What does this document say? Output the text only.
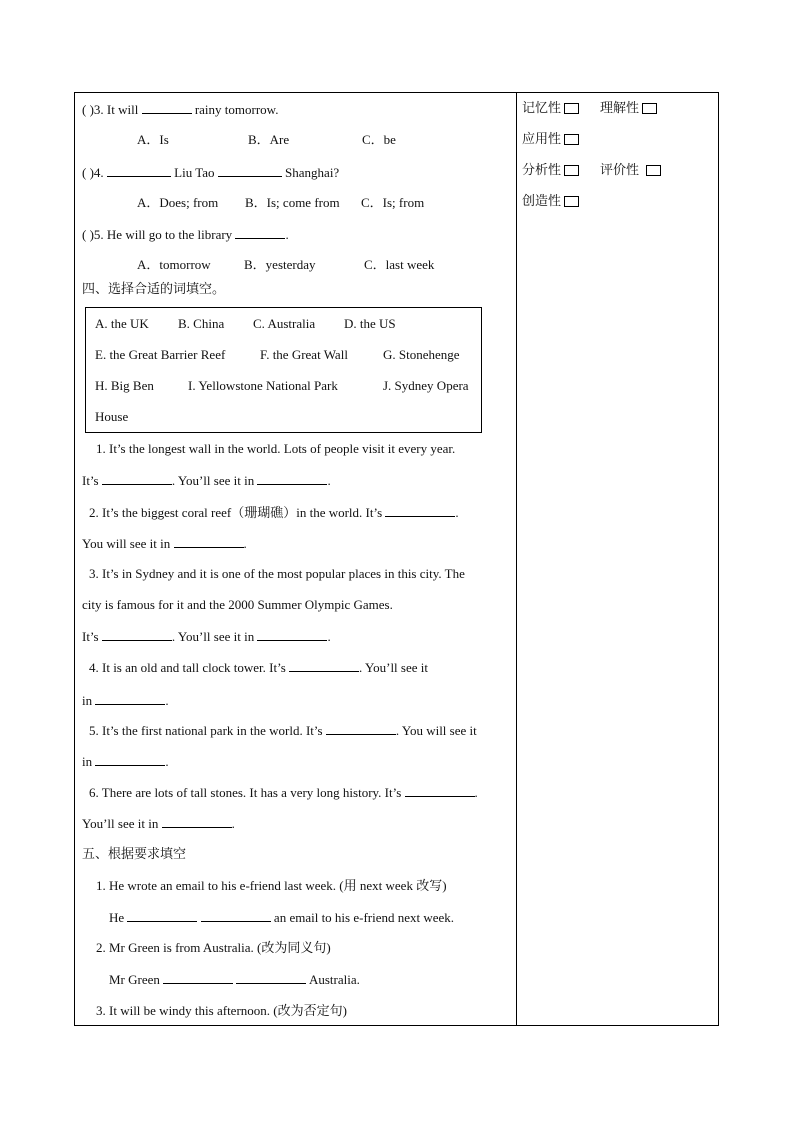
( )3. It will	rainy tomorrow.
A．Is	B．Are	C．be
( )4.	Liu Tao	Shanghai?
A．Does; from B．Is; come from C．Is; from
( )5. He will go to the library	.
A．tomorrow	B．yesterday	C．last week
四、选择合适的词填空。
A. the UK B. China C. Australia D. the US
E. the Great Barrier Reef	F. the Great Wall	G. Stonehenge
H. Big Ben	I. Yellowstone National Park	J. Sydney Opera
House
1. It’s the longest wall in the world. Lots of people visit it every year.
It’s	. You’ll see it in	.
2. It’s the biggest coral reef（珊瑚礁）in the world. It’s	.
You will see it in	.
3. It’s in Sydney and it is one of the most popular places in this city. The
city is famous for it and the 2000 Summer Olympic Games.
It’s	. You’ll see it in	.
4. It is an old and tall clock tower. It’s	. You’ll see it
in	.
5. It’s the first national park in the world. It’s	. You will see it
in	.
6. There are lots of tall stones. It has a very long history. It’s	.
You’ll see it in	.
五、根据要求填空
1. He wrote an email to his e-friend last week. (用 next week 改写)
He	an email to his e-friend next week.
2. Mr Green is from Australia. (改为同义句)
Mr Green	Australia.
3. It will be windy this afternoon. (改为否定句)
记忆性	理解性
应用性
分析性	评价性
创造性
